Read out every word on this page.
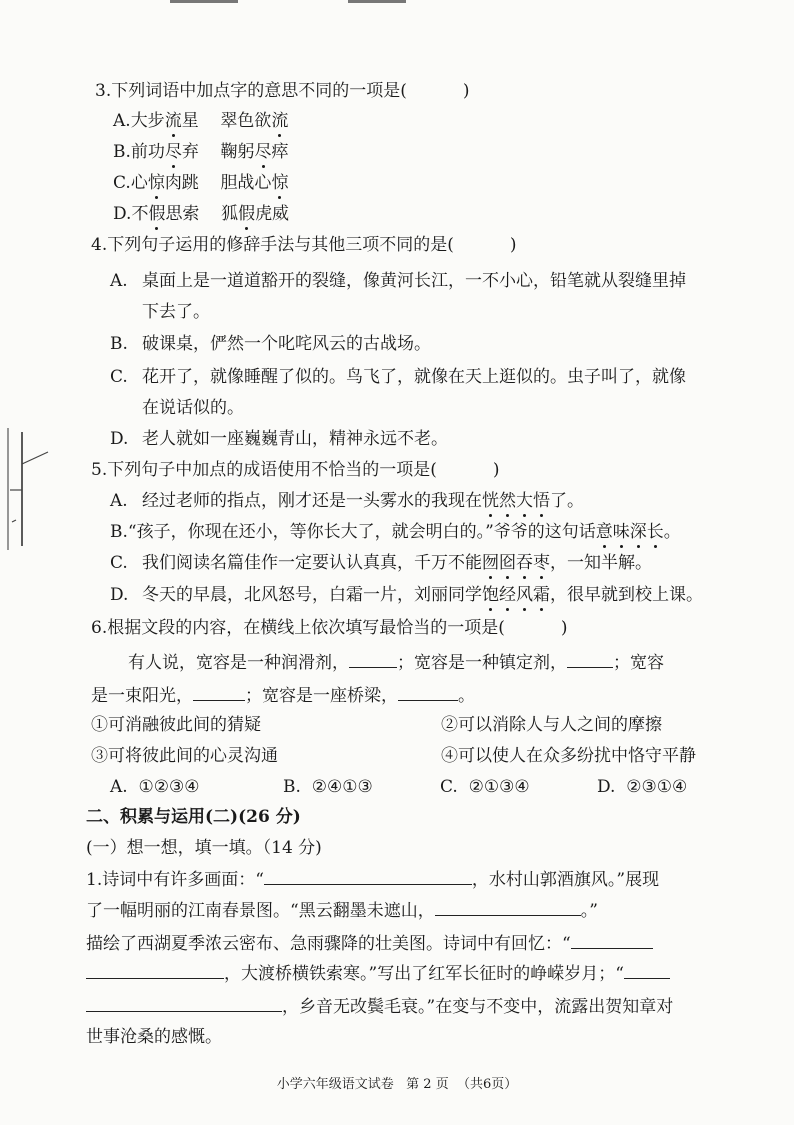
3.下列词语中加点字的意思不同的一项是(	)
A.大步流星 翠色欲流
B.前功尽弃 鞠躬尽瘁
C.心惊肉跳 胆战心惊
D.不假思索 狐假虎威
4.下列句子运用的修辞手法与其他三项不同的是(	)
A. 桌面上是一道道豁开的裂缝，像黄河长江，一不小心，铅笔就从裂缝里掉
下去了。
B. 破课桌，俨然一个叱咤风云的古战场。
C. 花开了，就像睡醒了似的。鸟飞了，就像在天上逛似的。虫子叫了，就像
在说话似的。
D. 老人就如一座巍巍青山，精神永远不老。
5.下列句子中加点的成语使用不恰当的一项是(	)
A. 经过老师的指点，刚才还是一头雾水的我现在恍然大悟了。
B.“孩子，你现在还小，等你长大了，就会明白的。”爷爷的这句话意味深长。
C. 我们阅读名篇佳作一定要认认真真，千万不能囫囵吞枣，一知半解。
D. 冬天的早晨，北风怒号，白霜一片，刘丽同学饱经风霜，很早就到校上课。
6.根据文段的内容，在横线上依次填写最恰当的一项是(	)
有人说，宽容是一种润滑剂，	；宽容是一种镇定剂，	；宽容
是一束阳光，	；宽容是一座桥梁，	。
①可消融彼此间的猜疑	②可以消除人与人之间的摩擦
③可将彼此间的心灵沟通	④可以使人在众多纷扰中恪守平静
A. ①②③④	B. ②④①③	C. ②①③④	D. ②③①④
二、积累与运用(二)(26 分)
(一）想一想，填一填。（14 分)
1.诗词中有许多画面：“	，水村山郭酒旗风。”展现
了一幅明丽的江南春景图。“黑云翻墨未遮山，	。”
描绘了西湖夏季浓云密布、急雨骤降的壮美图。诗词中有回忆：“
，大渡桥横铁索寒。”写出了红军长征时的峥嵘岁月；“
，乡音无改鬓毛衰。”在变与不变中，流露出贺知章对
世事沧桑的感慨。
小学六年级语文试卷 第 2 页 （共6页）
